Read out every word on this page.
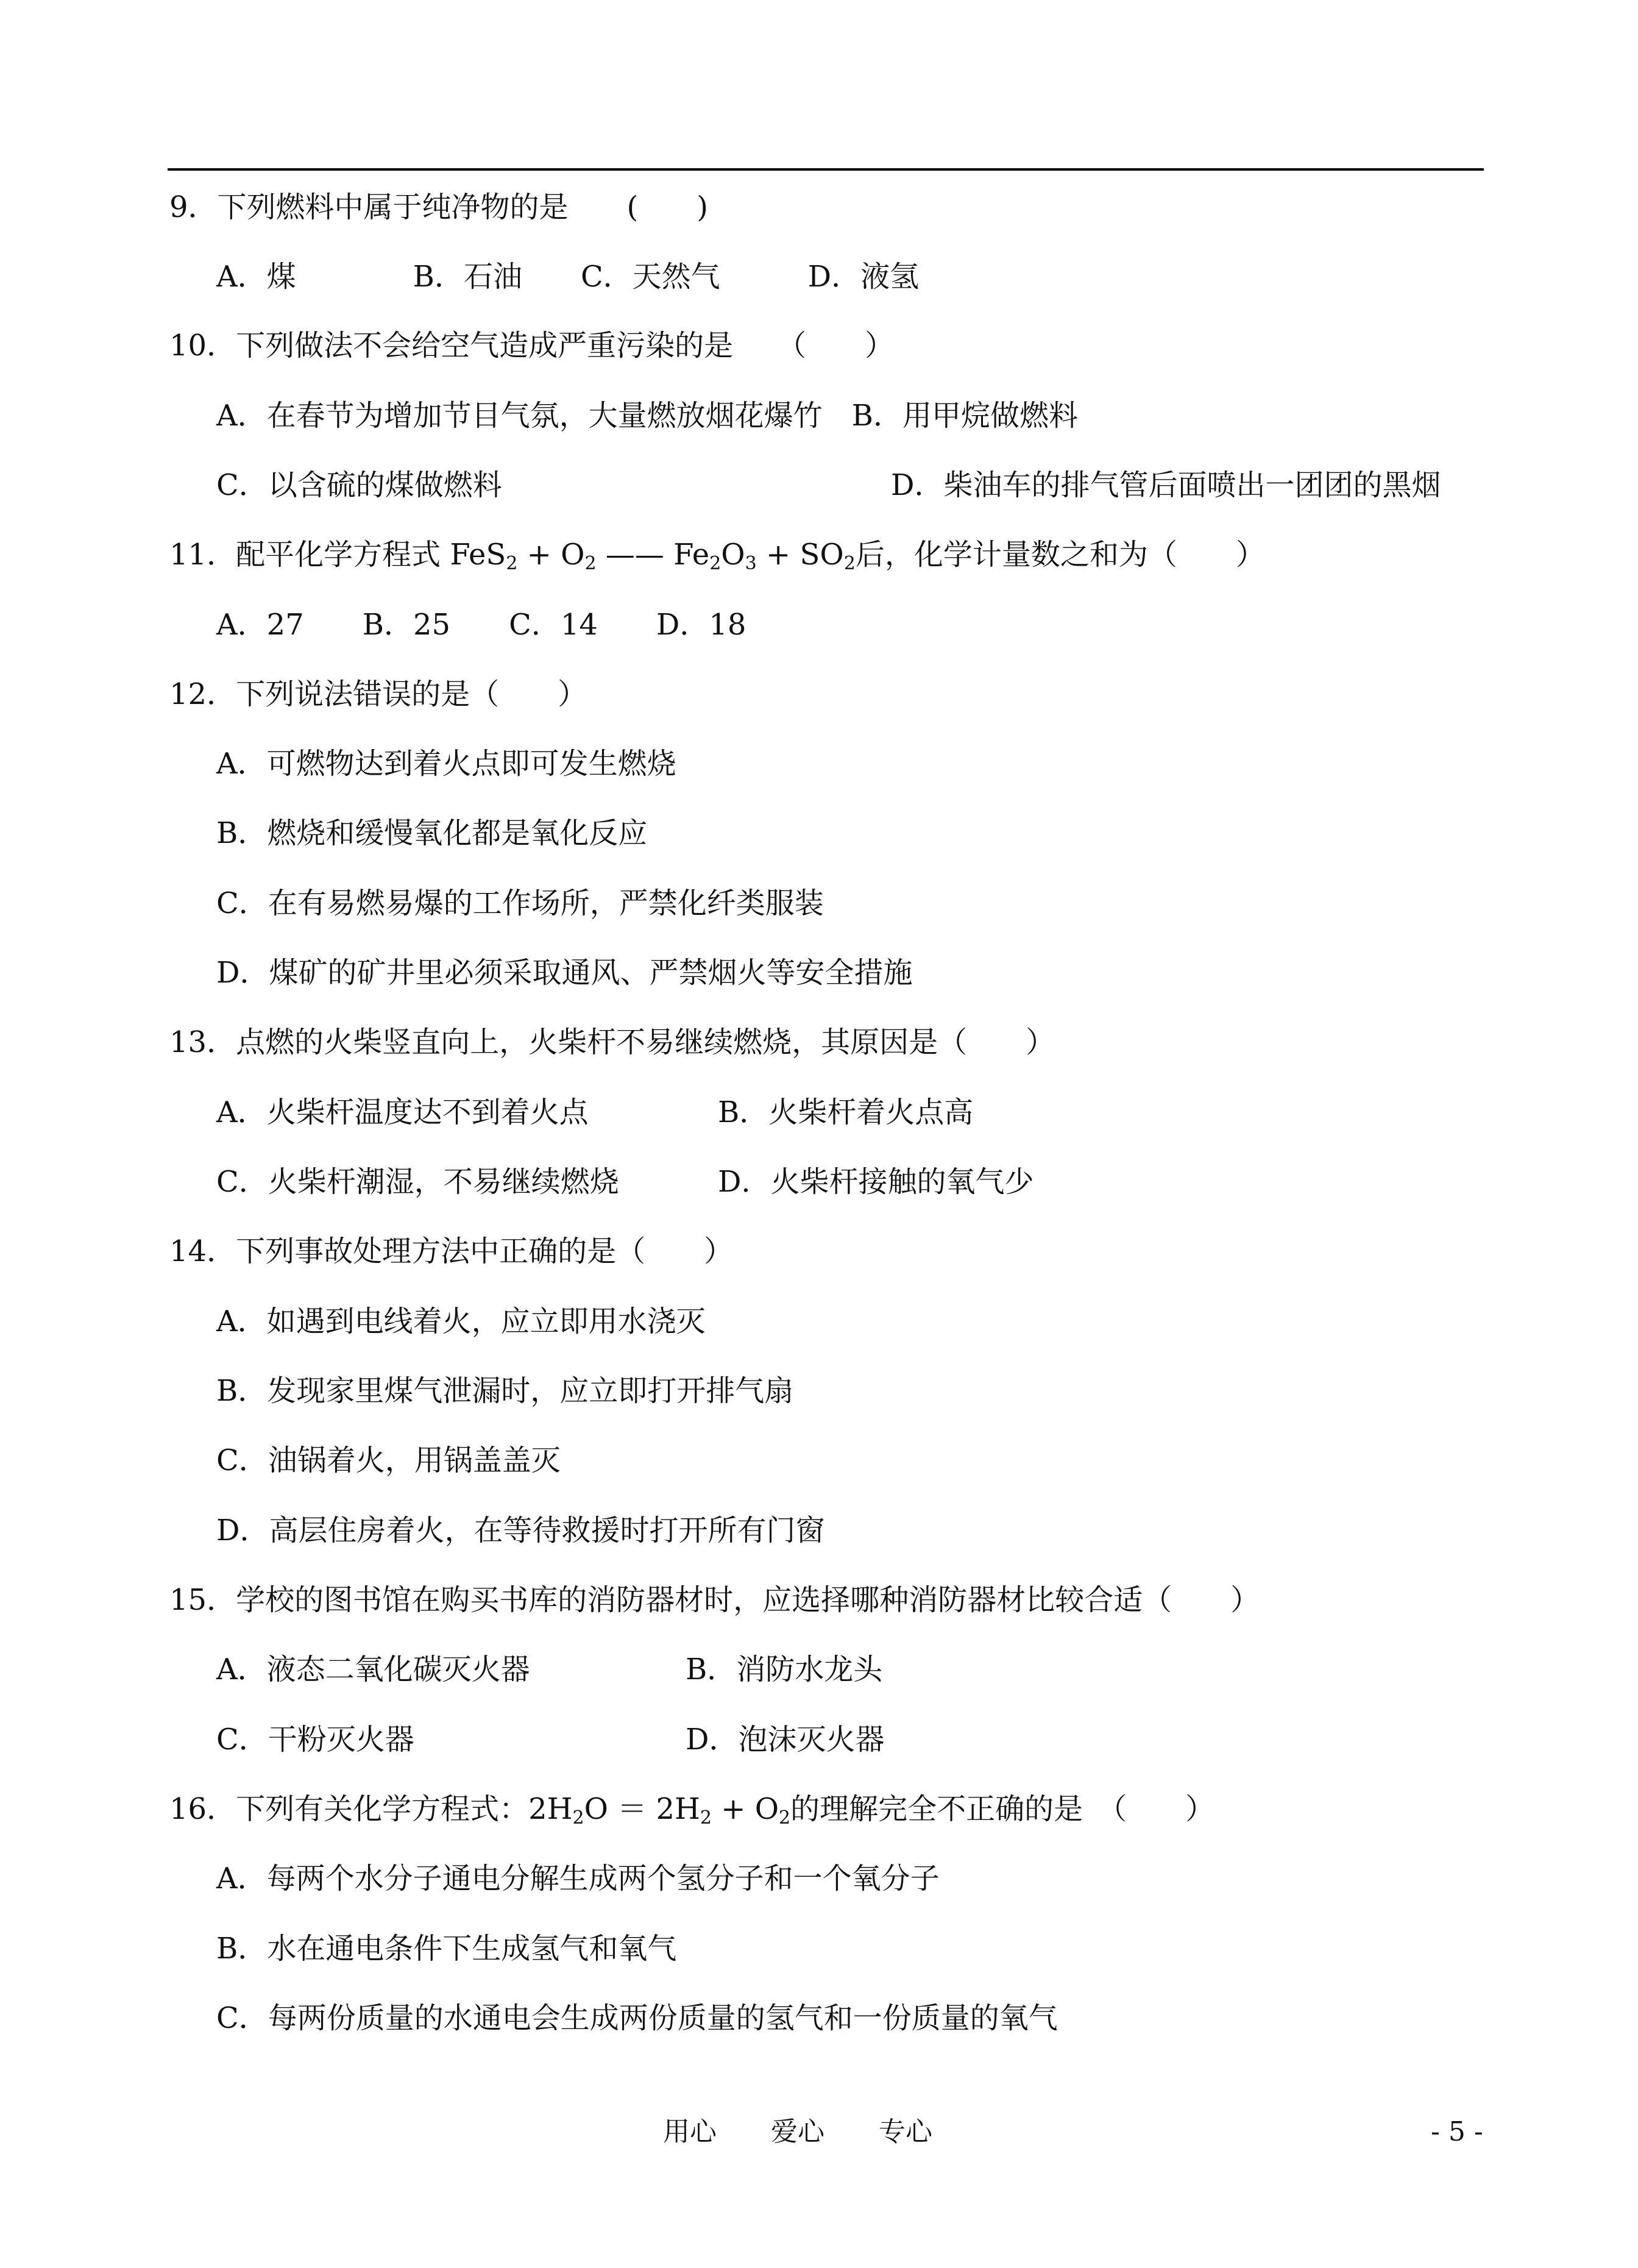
9．下列燃料中属于纯净物的是　　(　　)
A．煤　　　　B．石油　　C．天然气　　　D．液氢
10．下列做法不会给空气造成严重污染的是　　（　　）
A．在春节为增加节目气氛，大量燃放烟花爆竹　B．用甲烷做燃料
C．以含硫的煤做燃料	D．柴油车的排气管后面喷出一团团的黑烟
11．配平化学方程式 $FeS_2 + O_2$ —— $Fe_2O_3 + SO_2$后，化学计量数之和为（　　）
A．27　　B．25　　C．14　　D．18
12．下列说法错误的是（　　）
A．可燃物达到着火点即可发生燃烧
B．燃烧和缓慢氧化都是氧化反应
C．在有易燃易爆的工作场所，严禁化纤类服装
D．煤矿的矿井里必须采取通风、严禁烟火等安全措施
13．点燃的火柴竖直向上，火柴杆不易继续燃烧，其原因是（　　）
A．火柴杆温度达不到着火点	B．火柴杆着火点高
C．火柴杆潮湿，不易继续燃烧	D．火柴杆接触的氧气少
14．下列事故处理方法中正确的是（　　）
A．如遇到电线着火，应立即用水浇灭
B．发现家里煤气泄漏时，应立即打开排气扇
C．油锅着火，用锅盖盖灭
D．高层住房着火，在等待救援时打开所有门窗
15．学校的图书馆在购买书库的消防器材时，应选择哪种消防器材比较合适（　　）
A．液态二氧化碳灭火器	B．消防水龙头
C．干粉灭火器	D．泡沫灭火器
16．下列有关化学方程式：$2H_2O = 2H_2 + O_2$的理解完全不正确的是　（　　）
A．每两个水分子通电分解生成两个氢分子和一个氧分子
B．水在通电条件下生成氢气和氧气
C．每两份质量的水通电会生成两份质量的氢气和一份质量的氧气
用心 爱心 专心	- 5 -
